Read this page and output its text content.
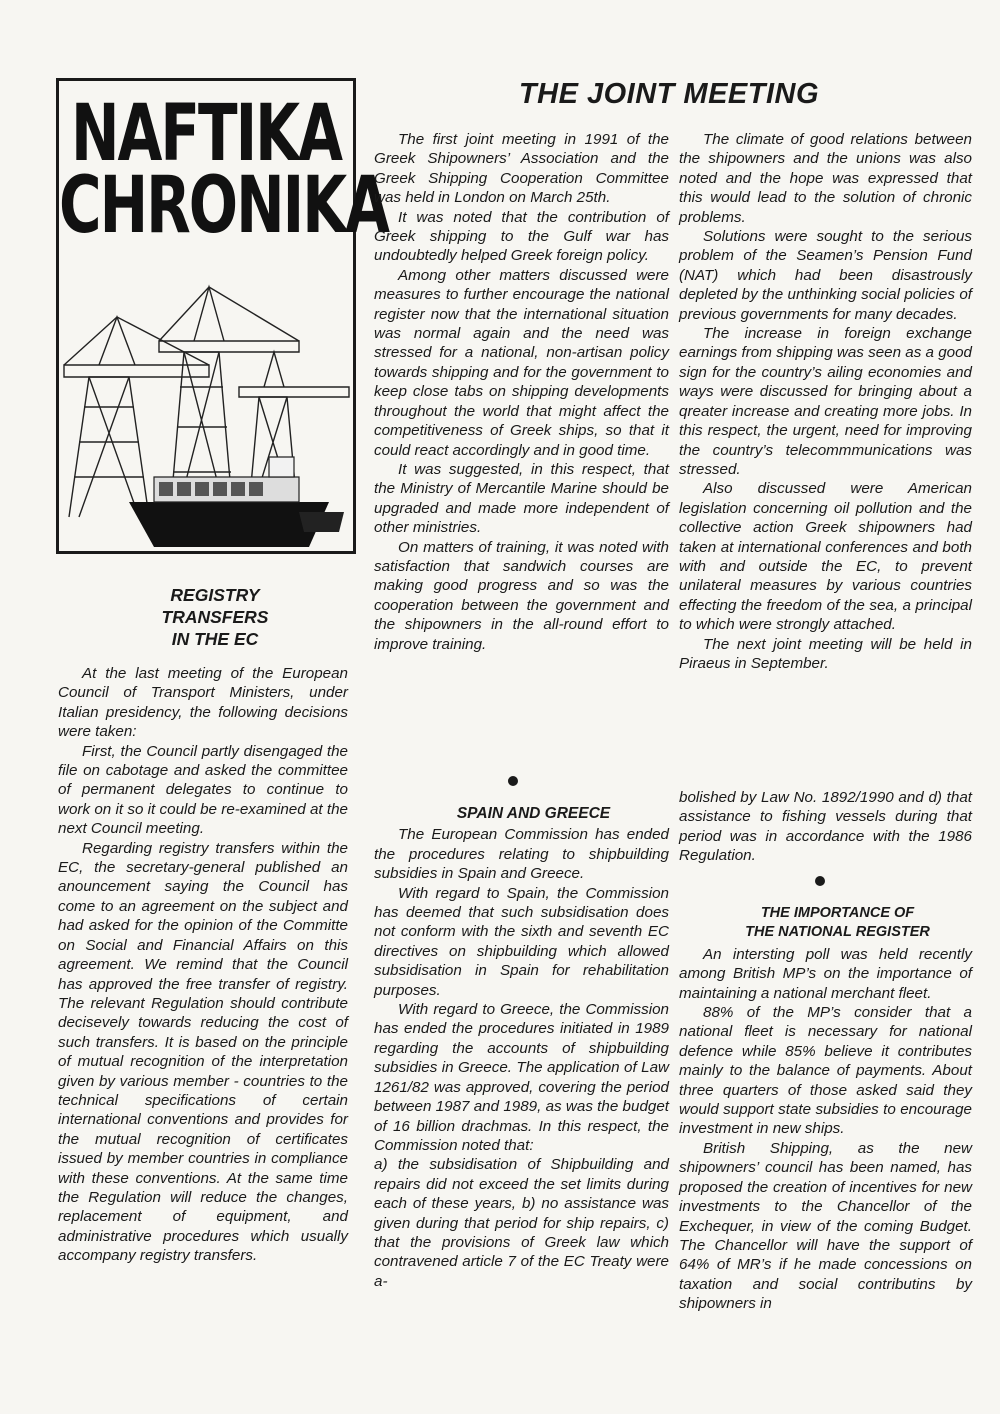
NAFTIKA
CHRONIKA
THE JOINT MEETING

The first joint meeting in 1991 of the Greek Shipowners’ Association and the Greek Shipping Cooperation Committee was held in London on March 25th.

It was noted that the contribution of Greek shipping to the Gulf war has undoubtedly helped Greek foreign policy.

Among other matters discussed were measures to further encourage the national register now that the international situation was normal again and the need was stressed for a national, non-artisan policy towards shipping and for the government to keep close tabs on shipping developments throughout the world that might affect the competitiveness of Greek ships, so that it could react accordingly and in good time.

It was suggested, in this respect, that the Ministry of Mercantile Marine should be upgraded and made more independent of other ministries.

On matters of training, it was noted with satisfaction that sandwich courses are making good progress and so was the cooperation between the government and the shipowners in the all-round effort to improve training.

The climate of good relations between the shipowners and the unions was also noted and the hope was expressed that this would lead to the solution of chronic problems.

Solutions were sought to the serious problem of the Seamen’s Pension Fund (NAT) which had been disastrously depleted by the unthinking social policies of previous governments for many decades.

The increase in foreign exchange earnings from shipping was seen as a good sign for the country’s ailing economies and ways were discussed for bringing about a qreater increase and creating more jobs. In this respect, the urgent, need for improving the country’s telecommmunications was stressed.

Also discussed were American legislation concerning oil pollution and the collective action Greek shipowners had taken at international conferences and both with and outside the EC, to prevent unilateral measures by various countries effecting the freedom of the sea, a principal to which were strongly attached.

The next joint meeting will be held in Piraeus in September.

REGISTRY

TRANSFERS

IN THE EC

At the last meeting of the European Council of Transport Ministers, under Italian presidency, the following decisions were taken:

First, the Council partly disengaged the file on cabotage and asked the committee of permanent delegates to continue to work on it so it could be re-examined at the next Council meeting.

Regarding registry transfers within the EC, the secretary-general published an anouncement saying the Council has come to an agreement on the subject and had asked for the opinion of the Committe on Social and Financial Affairs on this agreement. We remind that the Council has approved the free transfer of registry. The relevant Regulation should contribute decisevely towards reducing the cost of such transfers. It is based on the principle of mutual recognition of the interpretation given by various member - countries to the technical specifications of certain international conventions and provides for the mutual recognition of certificates issued by member countries in compliance with these conventions. At the same time the Regulation will reduce the changes, replacement of equipment, and administrative procedures which usually accompany registry transfers.

SPAIN AND GREECE

The European Commission has ended the procedures relating to shipbuilding subsidies in Spain and Greece.

With regard to Spain, the Commission has deemed that such subsidisation does not conform with the sixth and seventh EC directives on shipbuilding which allowed subsidisation in Spain for rehabilitation purposes.

With regard to Greece, the Commission has ended the procedures initiated in 1989 regarding the accounts of shipbuilding subsidies in Greece. The application of Law 1261/82 was approved, covering the period between 1987 and 1989, as was the budget of 16 billion drachmas. In this respect, the Commission noted that:

a) the subsidisation of Shipbuilding and repairs did not exceed the set limits during each of these years, b) no assistance was given during that period for ship repairs, c) that the provisions of Greek law which contravened article 7 of the EC Treaty were a-

bolished by Law No. 1892/1990 and d) that assistance to fishing vessels during that period was in accordance with the 1986 Regulation.

THE IMPORTANCE OF

THE NATIONAL REGISTER

An intersting poll was held recently among British MP’s on the importance of maintaining a national merchant fleet.

88% of the MP’s consider that a national fleet is necessary for national defence while 85% believe it contributes mainly to the balance of payments. About three quarters of those asked said they would support state subsidies to encourage investment in new ships.

British Shipping, as the new shipowners’ council has been named, has proposed the creation of incentives for new investments to the Chancellor of the Exchequer, in view of the coming Budget. The Chancellor will have the support of 64% of MR’s if he made concessions on taxation and social contributins by shipowners in
